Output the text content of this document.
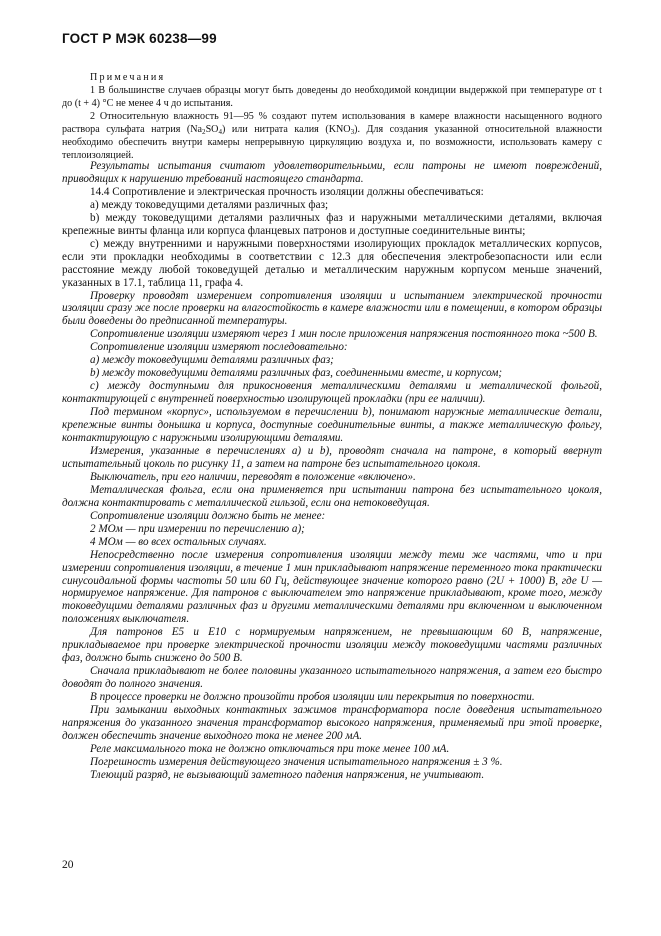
ГОСТ Р МЭК 60238—99
Примечания

1 В большинстве случаев образцы могут быть доведены до необходимой кондиции выдержкой при температуре от t до (t + 4) °С не менее 4 ч до испытания.

2 Относительную влажность 91—95 % создают путем использования в камере влажности насыщенного водного раствора сульфата натрия $(Na_2SO_4)$ или нитрата калия $(KNO_3)$. Для создания указанной относительной влажности необходимо обеспечить внутри камеры непрерывную циркуляцию воздуха и, по возможности, использовать камеру с теплоизоляцией.

Результаты испытания считают удовлетворительными, если патроны не имеют повреждений, приводящих к нарушению требований настоящего стандарта.

14.4 Сопротивление и электрическая прочность изоляции должны обеспечиваться:

а) между токоведущими деталями различных фаз;

b) между токоведущими деталями различных фаз и наружными металлическими деталями, включая крепежные винты фланца или корпуса фланцевых патронов и доступные соединительные винты;

с) между внутренними и наружными поверхностями изолирующих прокладок металлических корпусов, если эти прокладки необходимы в соответствии с 12.3 для обеспечения электробезопасности или если расстояние между любой токоведущей деталью и металлическим наружным корпусом меньше значений, указанных в 17.1, таблица 11, графа 4.

Проверку проводят измерением сопротивления изоляции и испытанием электрической прочности изоляции сразу же после проверки на влагостойкость в камере влажности или в помещении, в котором образцы были доведены до предписанной температуры.

Сопротивление изоляции измеряют через 1 мин после приложения напряжения постоянного тока ~500 В.

Сопротивление изоляции измеряют последовательно:

а) между токоведущими деталями различных фаз;

b) между токоведущими деталями различных фаз, соединенными вместе, и корпусом;

с) между доступными для прикосновения металлическими деталями и металлической фольгой, контактирующей с внутренней поверхностью изолирующей прокладки (при ее наличии).

Под термином «корпус», используемом в перечислении b), понимают наружные металлические детали, крепежные винты донышка и корпуса, доступные соединительные винты, а также металлическую фольгу, контактирующую с наружными изолирующими деталями.

Измерения, указанные в перечислениях а) и b), проводят сначала на патроне, в который ввернут испытательный цоколь по рисунку 11, а затем на патроне без испытательного цоколя.

Выключатель, при его наличии, переводят в положение «включено».

Металлическая фольга, если она применяется при испытании патрона без испытательного цоколя, должна контактировать с металлической гильзой, если она нетоковедущая.

Сопротивление изоляции должно быть не менее:

2 МОм — при измерении по перечислению а);

4 МОм — во всех остальных случаях.

Непосредственно после измерения сопротивления изоляции между теми же частями, что и при измерении сопротивления изоляции, в течение 1 мин прикладывают напряжение переменного тока практически синусоидальной формы частоты 50 или 60 Гц, действующее значение которого равно (2U + 1000) В, где U — нормируемое напряжение. Для патронов с выключателем это напряжение прикладывают, кроме того, между токоведущими деталями различных фаз и другими металлическими деталями при включенном и выключенном положениях выключателя.

Для патронов Е5 и Е10 с нормируемым напряжением, не превышающим 60 В, напряжение, прикладываемое при проверке электрической прочности изоляции между токоведущими частями различных фаз, должно быть снижено до 500 В.

Сначала прикладывают не более половины указанного испытательного напряжения, а затем его быстро доводят до полного значения.

В процессе проверки не должно произойти пробоя изоляции или перекрытия по поверхности.

При замыкании выходных контактных зажимов трансформатора после доведения испытательного напряжения до указанного значения трансформатор высокого напряжения, применяемый при этой проверке, должен обеспечить значение выходного тока не менее 200 мА.

Реле максимального тока не должно отключаться при токе менее 100 мА.

Погрешность измерения действующего значения испытательного напряжения ± 3 %.

Тлеющий разряд, не вызывающий заметного падения напряжения, не учитывают.

20
